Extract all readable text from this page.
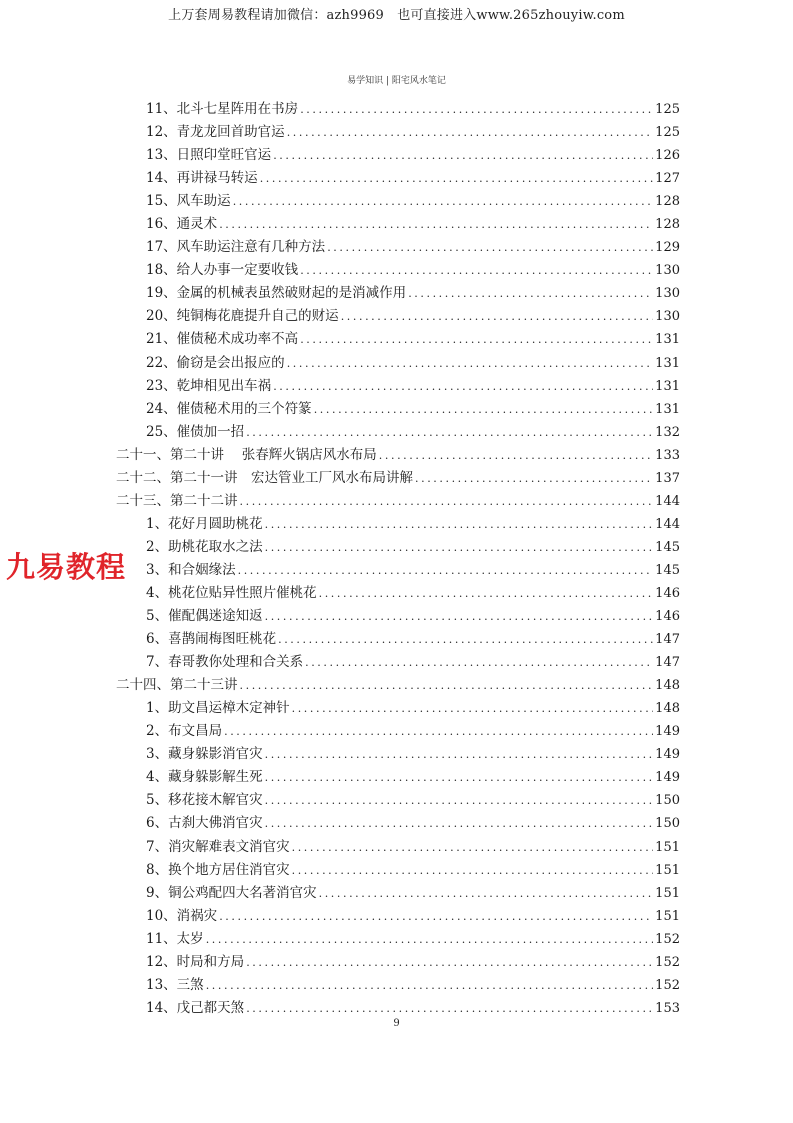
上万套周易教程请加微信：azh9969　也可直接进入www.265zhouyiw.com
易学知识 | 阳宅风水笔记
九易教程
11、北斗七星阵用在书房 .....	125
12、青龙龙回首助官运 .....	125
13、日照印堂旺官运 .....	126
14、再讲禄马转运 .....	127
15、风车助运 .....	128
16、通灵术 .....	128
17、风车助运注意有几种方法 .....	129
18、给人办事一定要收钱 .....	130
19、金属的机械表虽然破财起的是消减作用 .....	130
20、纯铜梅花鹿提升自己的财运 .....	130
21、催债秘术成功率不高 .....	131
22、偷窃是会出报应的 .....	131
23、乾坤相见出车祸 .....	131
24、催债秘术用的三个符篆 .....	131
25、催债加一招 .....	132
二十一、第二十讲　 张春辉火锅店风水布局 .....	133
二十二、第二十一讲　宏达管业工厂风水布局讲解 .....	137
二十三、第二十二讲 .....	144
1、花好月圆助桃花 .....	144
2、助桃花取水之法 .....	145
3、和合姻缘法 .....	145
4、桃花位贴异性照片催桃花 .....	146
5、催配偶迷途知返 .....	146
6、喜鹊闹梅图旺桃花 .....	147
7、春哥教你处理和合关系 .....	147
二十四、第二十三讲 .....	148
1、助文昌运樟木定神针 .....	148
2、布文昌局 .....	149
3、藏身躲影消官灾 .....	149
4、藏身躲影解生死 .....	149
5、移花接木解官灾 .....	150
6、古刹大佛消官灾 .....	150
7、消灾解难表文消官灾 .....	151
8、换个地方居住消官灾 .....	151
9、铜公鸡配四大名著消官灾 .....	151
10、消祸灾 .....	151
11、太岁 .....	152
12、时局和方局 .....	152
13、三煞 .....	152
14、戊己都天煞 .....	153
9
